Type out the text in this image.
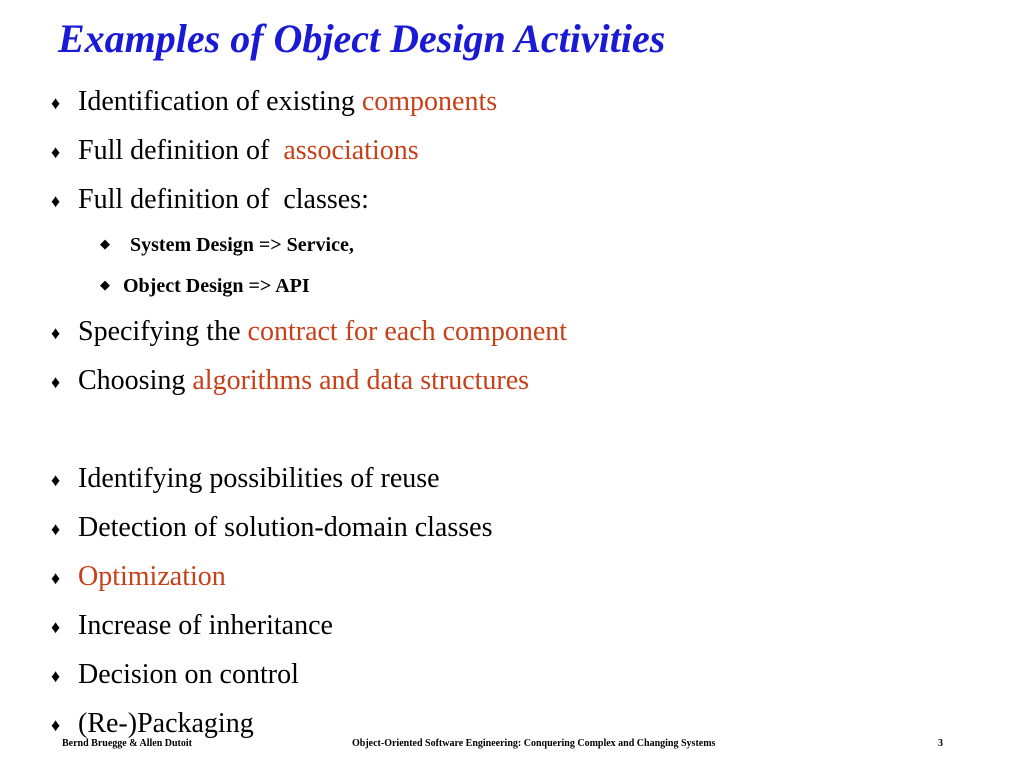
Examples of Object Design Activities
♦ Identification of existing components
♦ Full definition of  associations
♦ Full definition of  classes:
◆ System Design => Service,
◆ Object Design => API
♦ Specifying the contract for each component
♦ Choosing algorithms and data structures
♦ Identifying possibilities of reuse
♦ Detection of solution-domain classes
♦ Optimization
♦ Increase of inheritance
♦ Decision on control
♦ (Re-)Packaging
Bernd Bruegge & Allen Dutoit	Object-Oriented Software Engineering: Conquering Complex and Changing Systems	3
